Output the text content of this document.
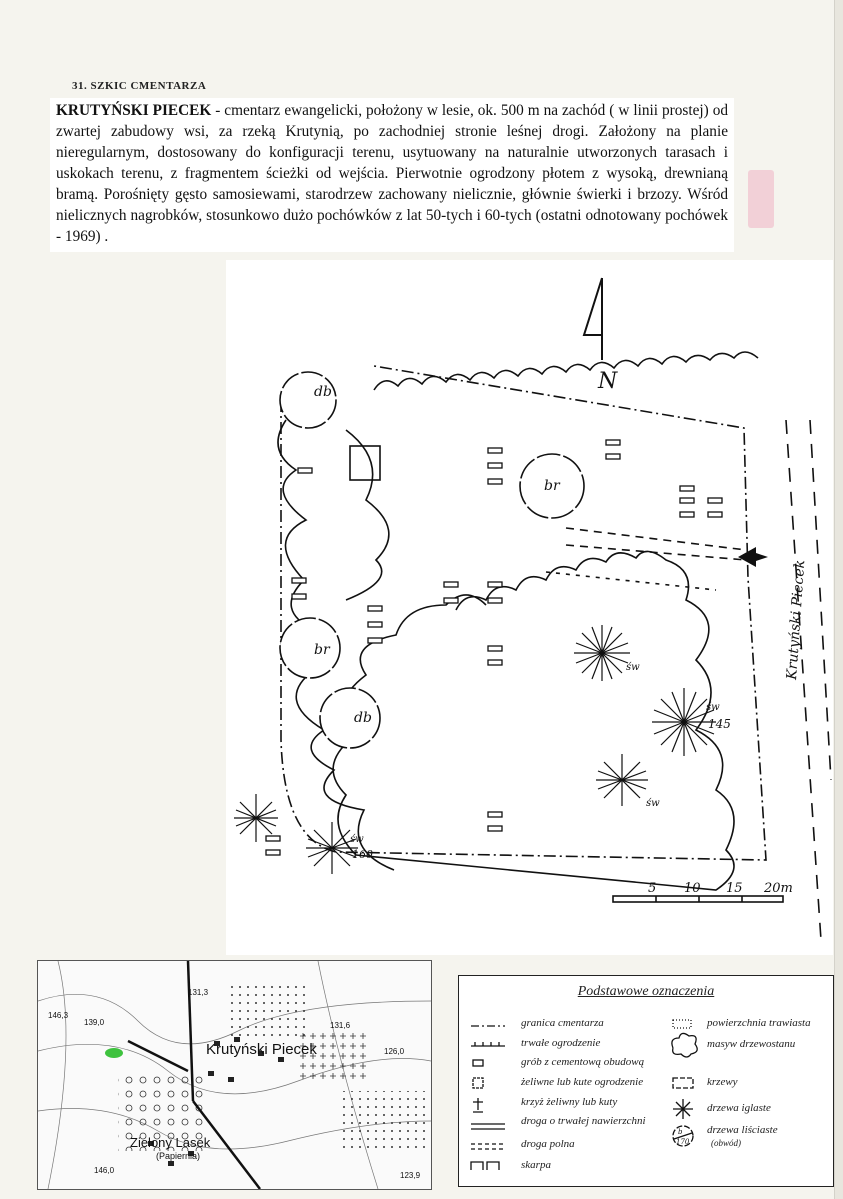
31. SZKIC CMENTARZA
KRUTYŃSKI PIECEK - cmentarz ewangelicki, położony w lesie, ok. 500 m na zachód ( w linii prostej) od zwartej zabudowy wsi, za rzeką Krutynią, po zachodniej stronie leśnej drogi. Założony na planie nieregularnym, dostosowany do konfiguracji terenu, usytuowany na naturalnie utworzonych tarasach i uskokach terenu, z fragmentem ścieżki od wejścia. Pierwotnie ogrodzony płotem z wysoką, drewnianą bramą. Porośnięty gęsto samosiewami, starodrzew zachowany nielicznie, głównie świerki i brzozy. Wśród nielicznych nagrobków, stosunkowo dużo pochówków z lat 50-tych i 60-tych (ostatni odnotowany pochówek - 1969) .
N
db
br
br
db
św
św
145
św
św
160
5 10 15 20m
Krutyński Piecek
Krutyński Piecek
Zielony Lasek
(Papiernia)
146,3
139,0
131,3
131,6
126,0
146,0
123,9
Podstawowe oznaczenia
b
170
granica cmentarza
trwałe ogrodzenie
grób z cementową obudową
żeliwne lub kute ogrodzenie
krzyż żeliwny lub kuty
droga o trwałej nawierzchni
droga polna
skarpa
powierzchnia trawiasta
masyw drzewostanu
krzewy
drzewa iglaste
drzewa liściaste
(obwód)
